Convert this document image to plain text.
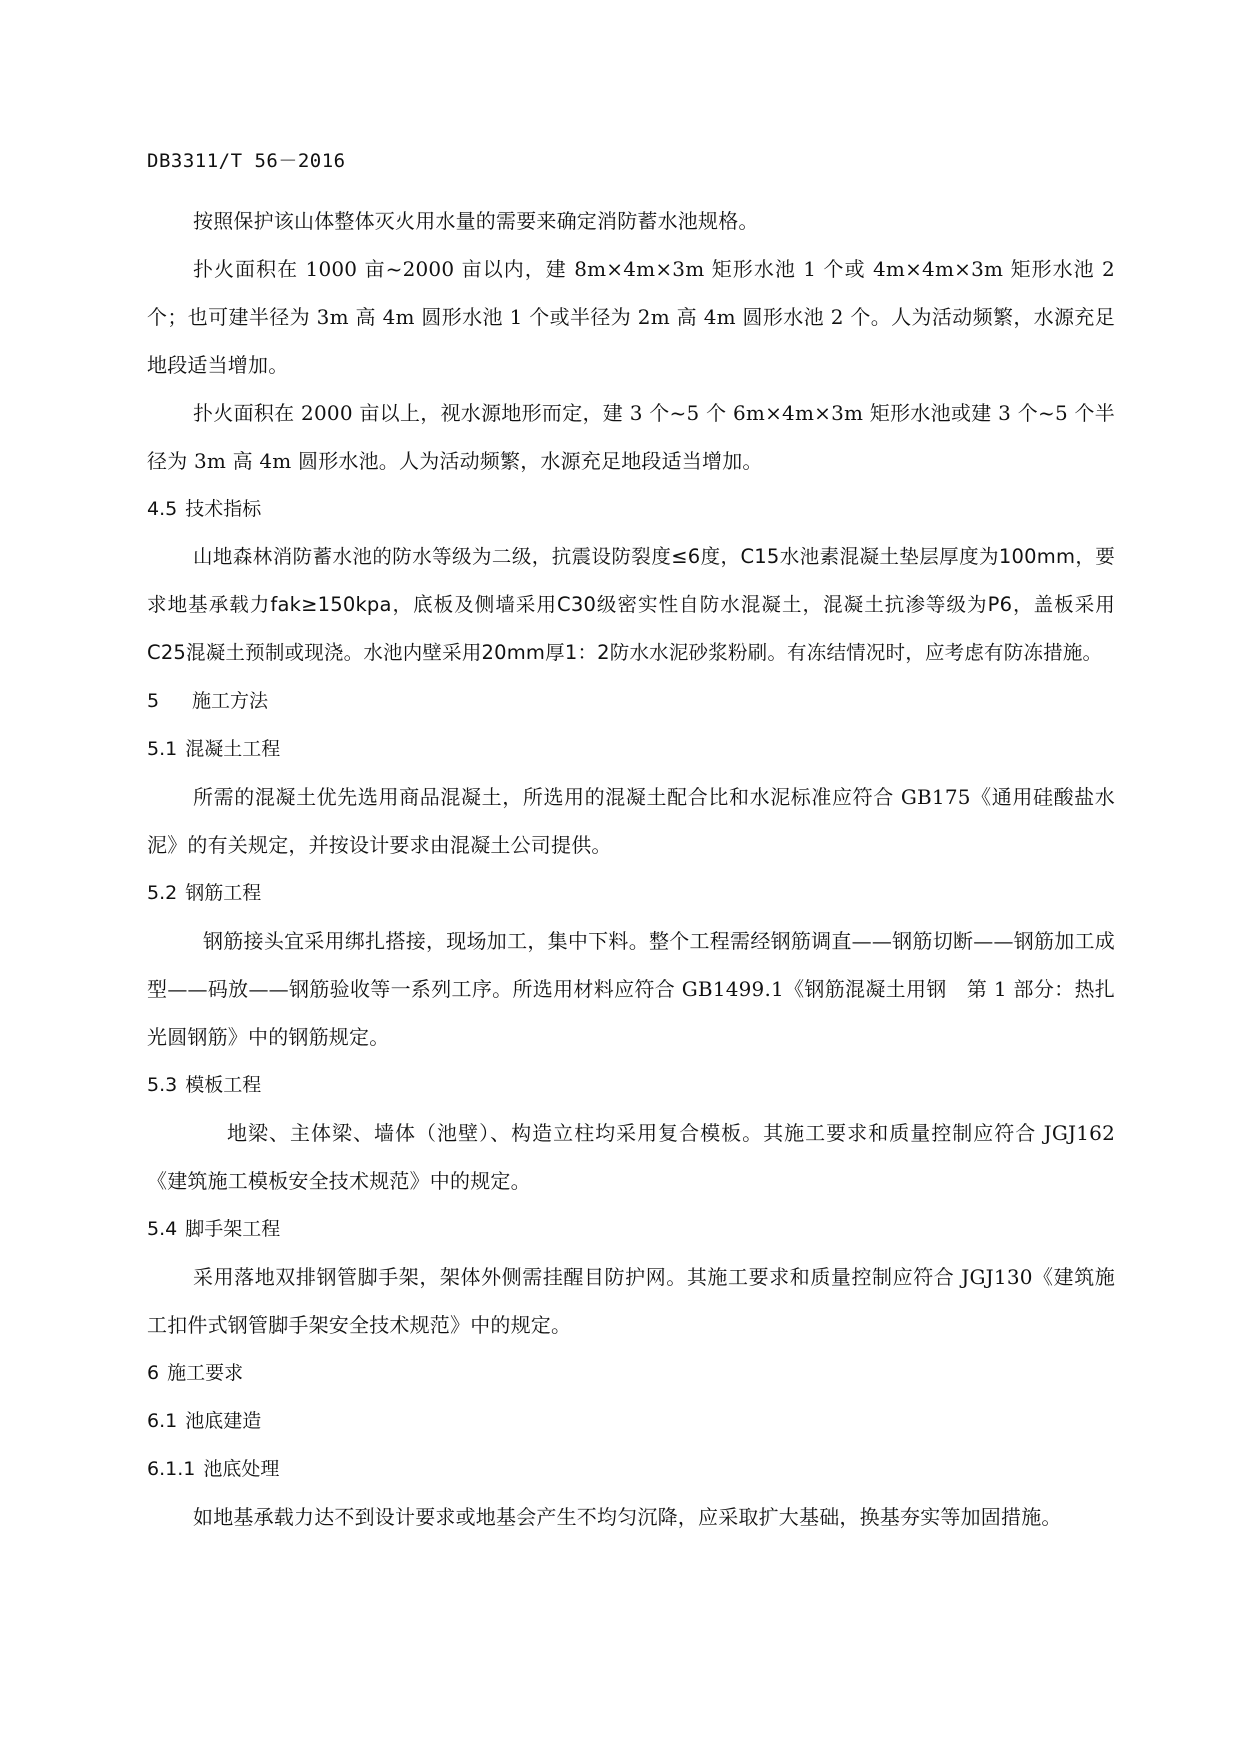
DB3311/T 56－2016

按照保护该山体整体灭火用水量的需要来确定消防蓄水池规格。

扑火面积在 1000 亩~2000 亩以内，建 8m×4m×3m 矩形水池 1 个或 4m×4m×3m 矩形水池 2 个；也可建半径为 3m 高 4m 圆形水池 1 个或半径为 2m 高 4m 圆形水池 2 个。人为活动频繁，水源充足地段适当增加。

扑火面积在 2000 亩以上，视水源地形而定，建 3 个~5 个 6m×4m×3m 矩形水池或建 3 个~5 个半径为 3m 高 4m 圆形水池。人为活动频繁，水源充足地段适当增加。

4.5 技术指标

山地森林消防蓄水池的防水等级为二级，抗震设防裂度≤6度，C15水池素混凝土垫层厚度为100mm，要求地基承载力fak≥150kpa，底板及侧墙采用C30级密实性自防水混凝土，混凝土抗渗等级为P6，盖板采用C25混凝土预制或现浇。水池内壁采用20mm厚1：2防水水泥砂浆粉刷。有冻结情况时，应考虑有防冻措施。

5 施工方法
5.1 混凝土工程

所需的混凝土优先选用商品混凝土，所选用的混凝土配合比和水泥标准应符合 GB175《通用硅酸盐水泥》的有关规定，并按设计要求由混凝土公司提供。

5.2 钢筋工程

钢筋接头宜采用绑扎搭接，现场加工，集中下料。整个工程需经钢筋调直——钢筋切断——钢筋加工成型——码放——钢筋验收等一系列工序。所选用材料应符合 GB1499.1《钢筋混凝土用钢　第 1 部分：热扎光圆钢筋》中的钢筋规定。

5.3 模板工程

地梁、主体梁、墙体（池壁）、构造立柱均采用复合模板。其施工要求和质量控制应符合 JGJ162《建筑施工模板安全技术规范》中的规定。

5.4 脚手架工程

采用落地双排钢管脚手架，架体外侧需挂醒目防护网。其施工要求和质量控制应符合 JGJ130《建筑施工扣件式钢管脚手架安全技术规范》中的规定。

6 施工要求
6.1 池底建造
6.1.1 池底处理

如地基承载力达不到设计要求或地基会产生不均匀沉降，应采取扩大基础，换基夯实等加固措施。
